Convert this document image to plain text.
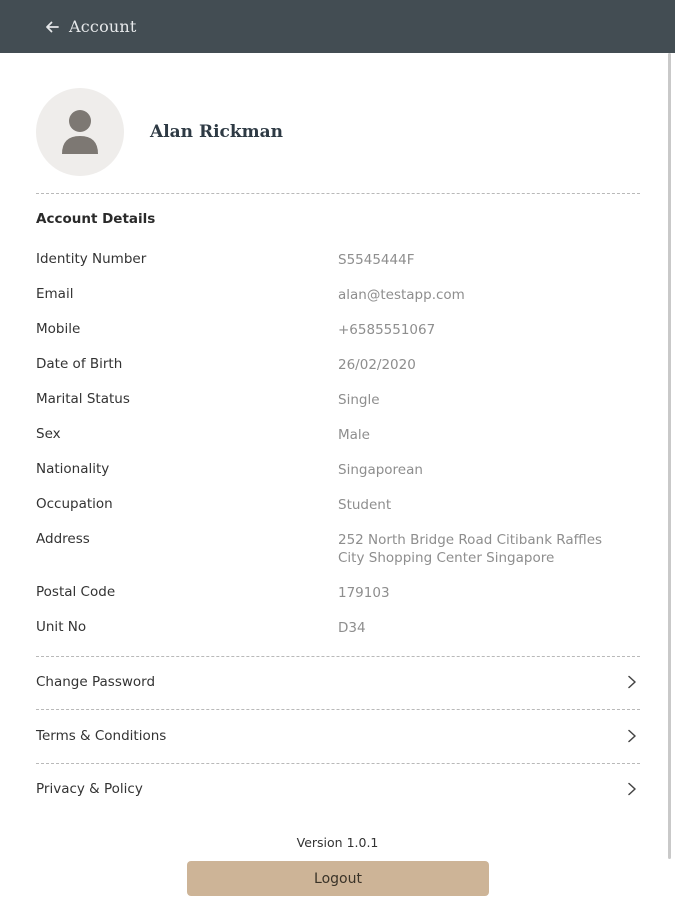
Account
Alan Rickman
Account Details
Identity Number	S5545444F
Email	alan@testapp.com
Mobile	+6585551067
Date of Birth	26/02/2020
Marital Status	Single
Sex	Male
Nationality	Singaporean
Occupation	Student
Address	252 North Bridge Road Citibank Raffles City Shopping Center Singapore
Postal Code	179103
Unit No	D34
Change Password
Terms & Conditions
Privacy & Policy
Version 1.0.1
Logout
